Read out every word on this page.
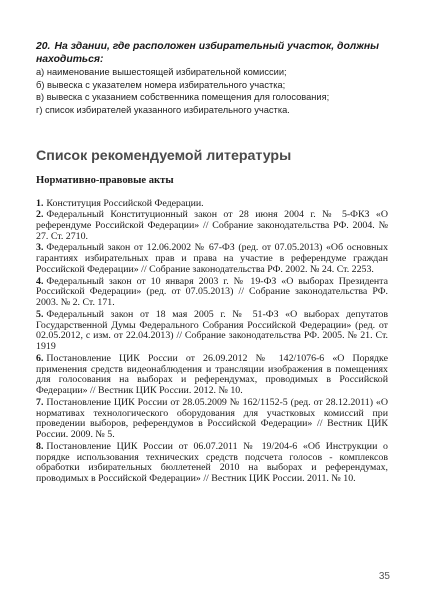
20. На здании, где расположен избирательный участок, должны находиться:

а) наименование вышестоящей избирательной комиссии;

б) вывеска с указателем номера избирательного участка;

в) вывеска с указанием собственника помещения для голосования;

г) список избирателей указанного избирательного участка.

Список рекомендуемой литературы
Нормативно-правовые акты

1. Конституция Российской Федерации.

2. Федеральный Конституционный закон от 28 июня 2004 г. № 5-ФКЗ «О референдуме Российской Федерации» // Собрание законодательства РФ. 2004. № 27. Ст. 2710.

3. Федеральный закон от 12.06.2002 № 67-ФЗ (ред. от 07.05.2013) «Об основных гарантиях избирательных прав и права на участие в референдуме граждан Российской Федерации» // Собрание законодательства РФ. 2002. № 24. Ст. 2253.

4. Федеральный закон от 10 января 2003 г. № 19-ФЗ «О выборах Президента Российской Федерации» (ред. от 07.05.2013) // Собрание законодательства РФ. 2003. № 2. Ст. 171.

5. Федеральный закон от 18 мая 2005 г. № 51-ФЗ «О выборах депутатов Государственной Думы Федерального Собрания Российской Федерации» (ред. от 02.05.2012, с изм. от 22.04.2013) // Собрание законодательства РФ. 2005. № 21. Ст. 1919

6. Постановление ЦИК России от 26.09.2012 № 142/1076-6 «О Порядке применения средств видеонаблюдения и трансляции изображения в помещениях для голосования на выборах и референдумах, проводимых в Российской Федерации» // Вестник ЦИК России. 2012. № 10.

7. Постановление ЦИК России от 28.05.2009 № 162/1152-5 (ред. от 28.12.2011) «О нормативах технологического оборудования для участковых комиссий при проведении выборов, референдумов в Российской Федерации» // Вестник ЦИК России. 2009. № 5.

8. Постановление ЦИК России от 06.07.2011 № 19/204-6 «Об Инструкции о порядке использования технических средств подсчета голосов - комплексов обработки избирательных бюллетеней 2010 на выборах и референдумах, проводимых в Российской Федерации» // Вестник ЦИК России. 2011. № 10.

35
